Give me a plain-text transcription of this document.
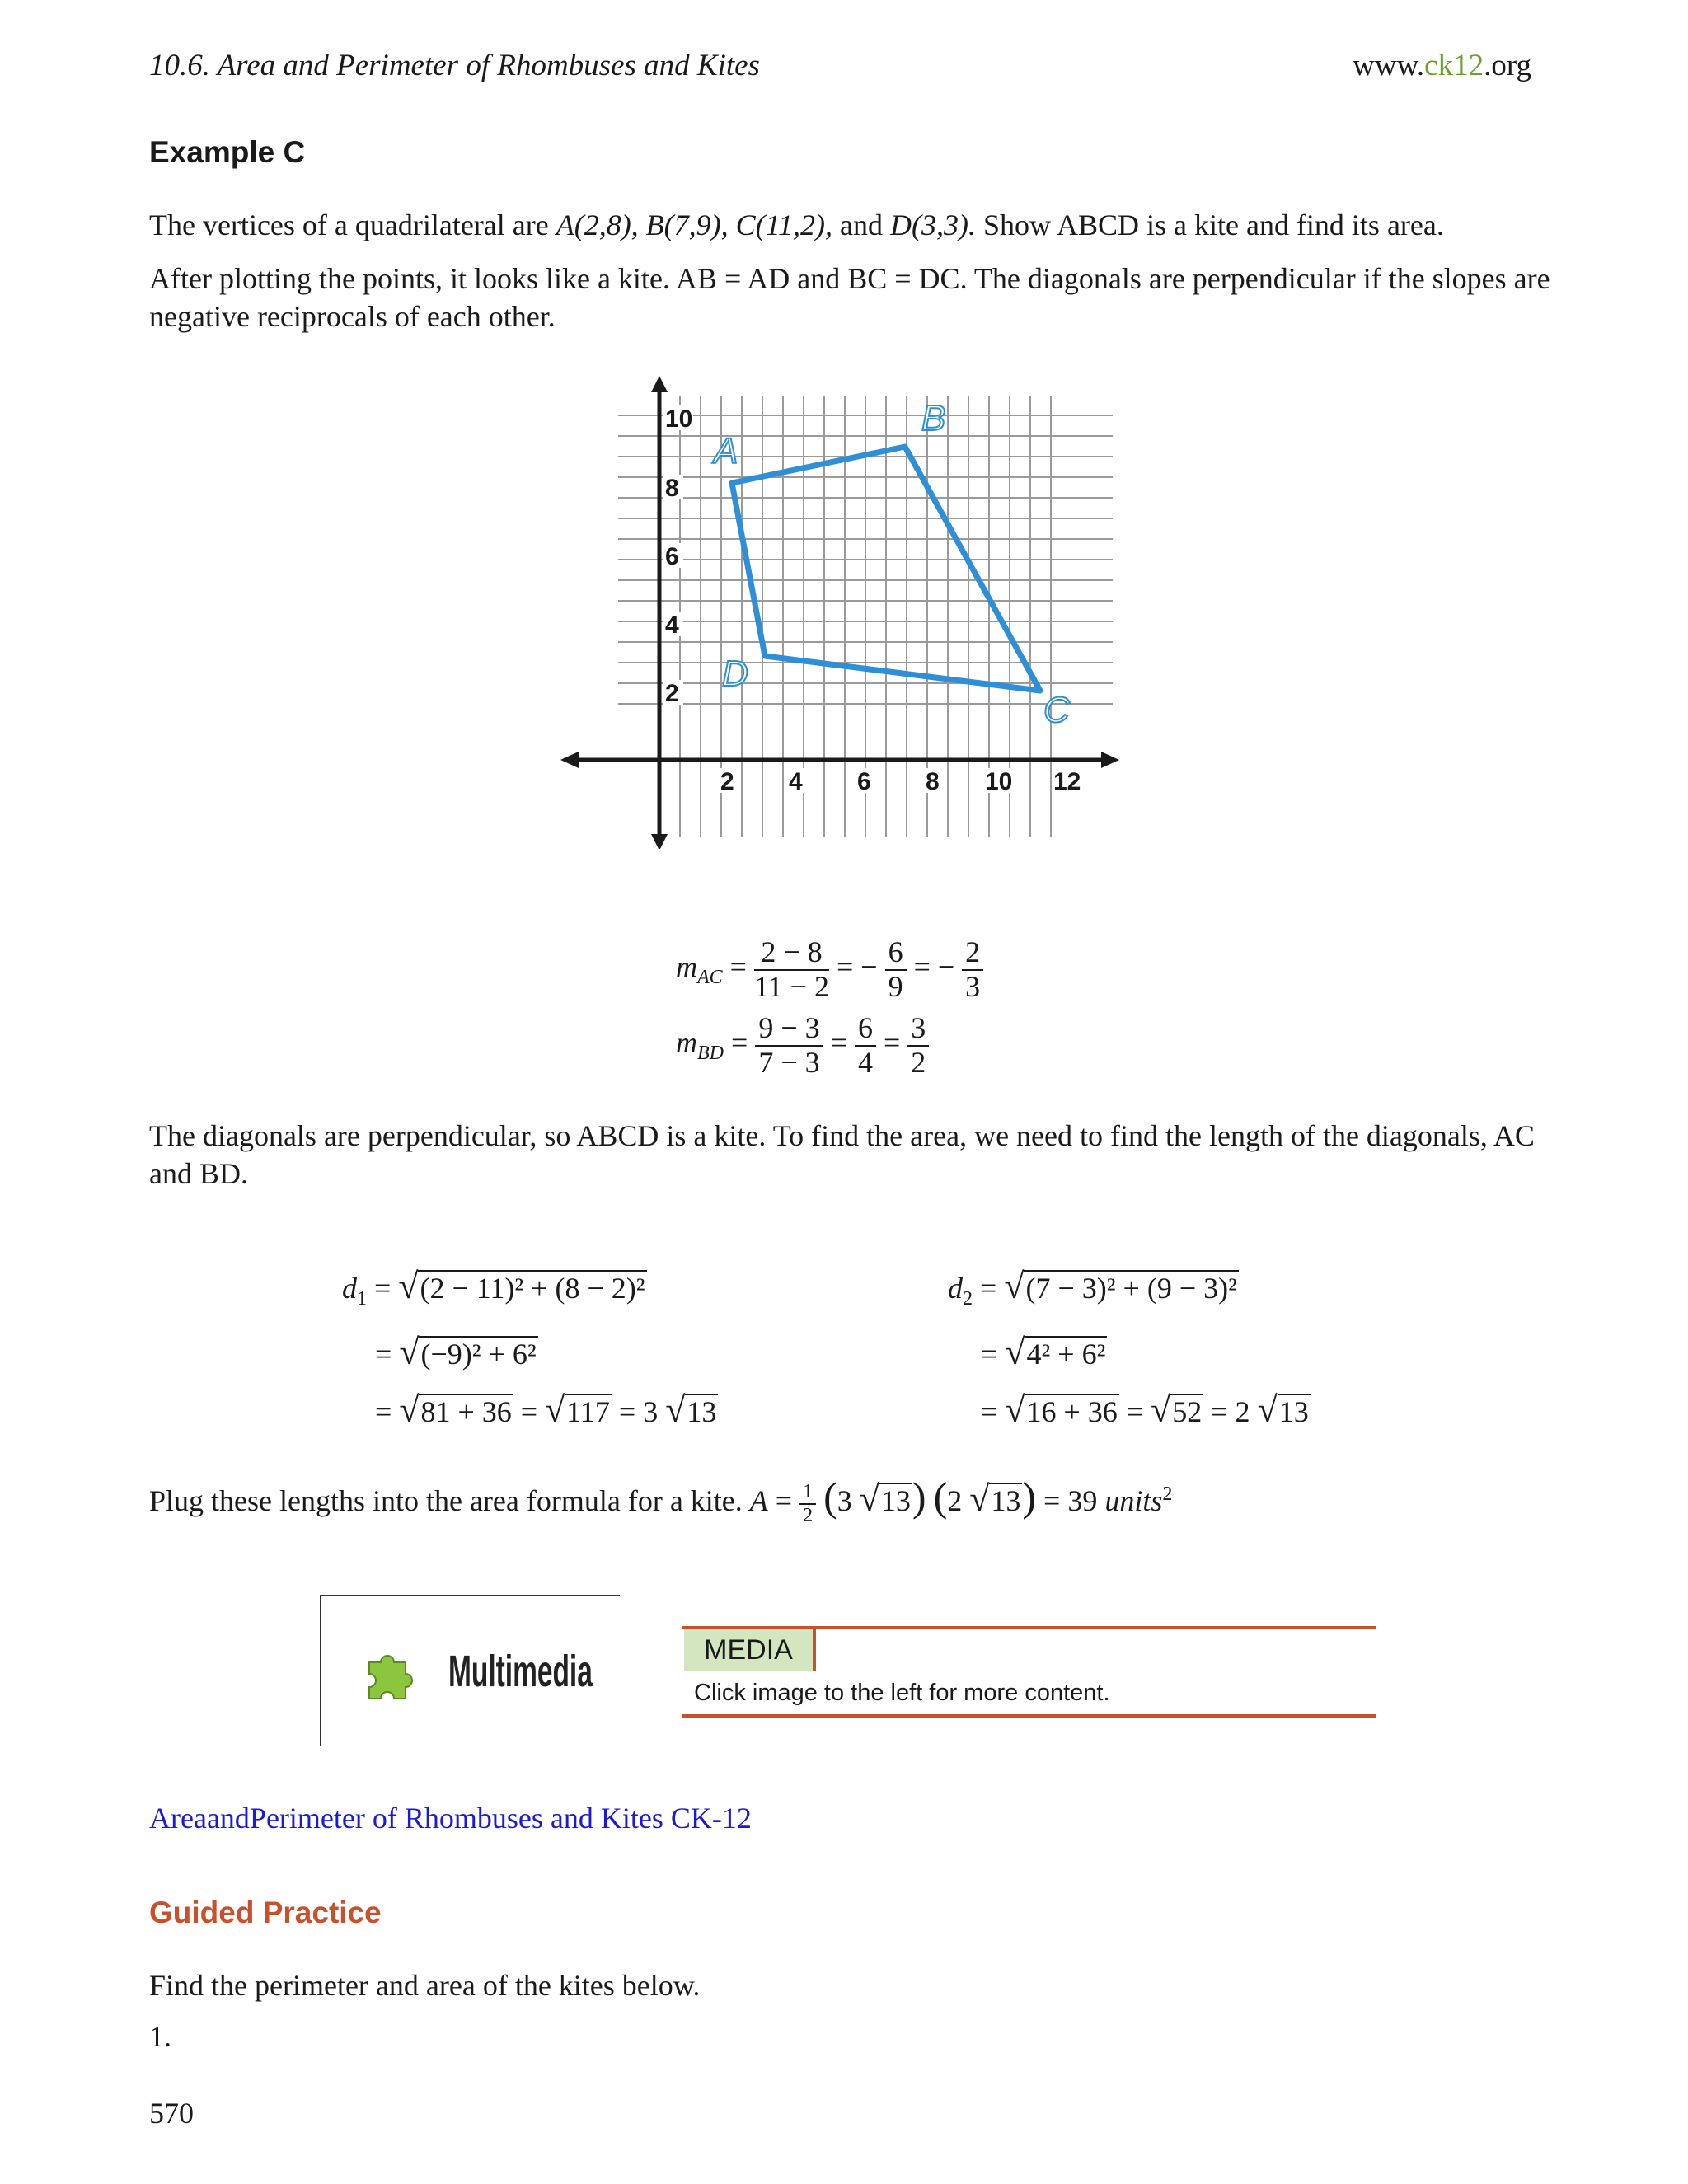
10.6. Area and Perimeter of Rhombuses and Kites	www.ck12.org
Example C
The vertices of a quadrilateral are A(2,8), B(7,9), C(11,2), and D(3,3). Show ABCD is a kite and find its area.
After plotting the points, it looks like a kite. AB = AD and BC = DC. The diagonals are perpendicular if the slopes are negative reciprocals of each other.
10
8
6
4
2
2 4 6 8 10 12
A
B
C
D
$m_{AC} = \frac{2 - 8}{11 - 2}$ = − $\frac{6}{9}$ = − $\frac{2}{3}$
$m_{BD} = \frac{9 - 3}{7 - 3} = \frac{6}{4} = \frac{3}{2}$
The diagonals are perpendicular, so ABCD is a kite. To find the area, we need to find the length of the diagonals, AC and BD.
$d_1 = √(2 - 11)^2 + (8 - 2)^2$
= √(−9)² + 6²
= √81 + 36 = √117 = 3 √13
$d_2 = √(7 - 3)^2 + (9 - 3)^2$
= √4² + 6²
= √16 + 36 = √52 = 2 √13
Plug these lengths into the area formula for a kite. $A = \frac{1}{2} (3$ √13) (2 √13) = 39 units$^2$
Multimedia	MEDIA
Click image to the left for more content.
AreaandPerimeter of Rhombuses and Kites CK-12
Guided Practice
Find the perimeter and area of the kites below.
1.
570
